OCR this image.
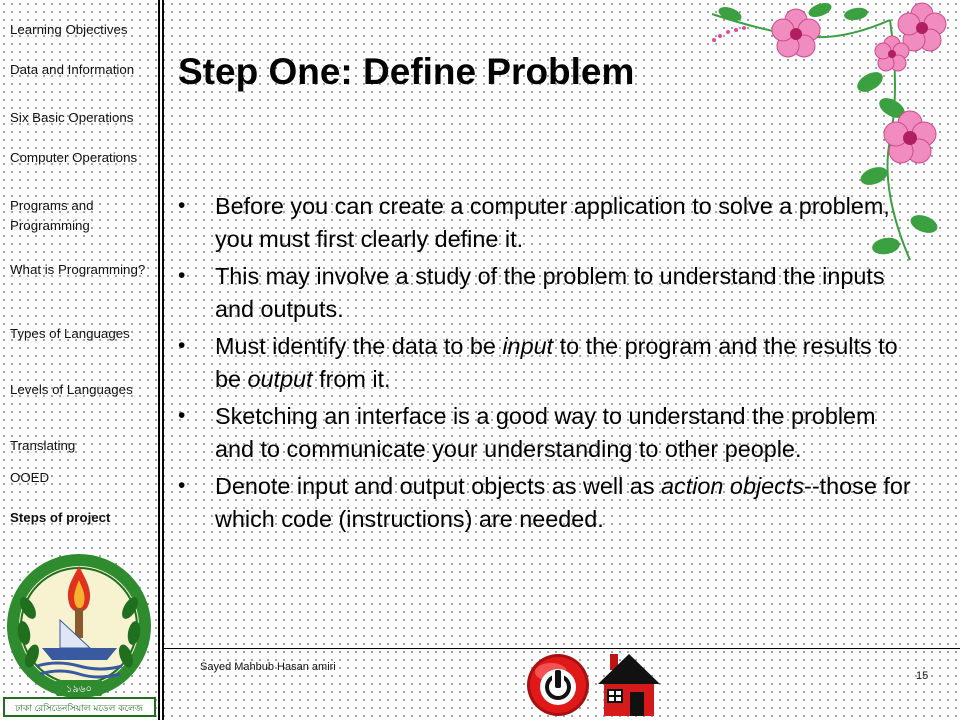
Learning Objectives
Data and Information
Six Basic Operations
Computer Operations
Programs and Programming
What is Programming?
Types of Languages
Levels of Languages
Translating
OOED
Steps of project
১৯৬০
ঢাকা রেসিডেনসিয়াল মডেল কলেজ
Step One: Define Problem
• Before you can create a computer application to solve a problem, you must first clearly define it.
• This may involve a study of the problem to understand the inputs and outputs.
• Must identify the data to be input to the program and the results to be output from it.
• Sketching an interface is a good way to understand the problem and to communicate your understanding to other people.
• Denote input and output objects as well as action objects--those for which code (instructions) are needed.
Sayed Mahbub Hasan amiri
15
